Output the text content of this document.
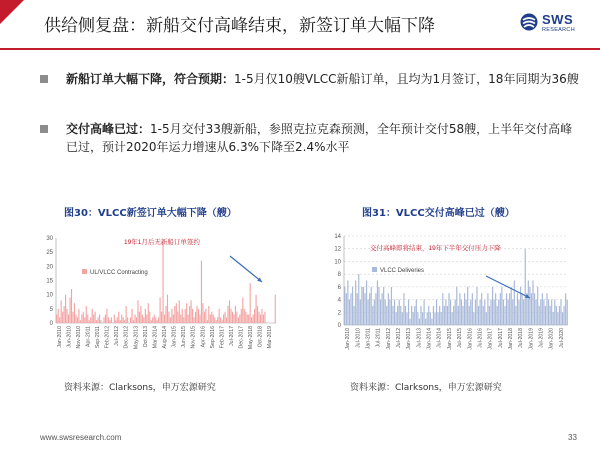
供给侧复盘：新船交付高峰结束，新签订单大幅下降	SWS
RESEARCH
新船订单大幅下降，符合预期：1-5月仅10艘VLCC新船订单，且均为1月签订，18年同期为36艘
交付高峰已过：1-5月交付33艘新船，参照克拉克森预测，全年预计交付58艘，上半年交付高峰已过，预计2020年运力增速从6.3%下降至2.4%水平
图30：VLCC新签订单大幅下降（艘）	图31：VLCC交付高峰已过（艘）
0
5
10
15
20
25
30
Jan-2010 Jun-2010 Nov-2010 Apr-2011 Sep-2011 Feb-2012 Jul-2012 Dec-2012 May-2013 Oct-2013 Mar-2014 Aug-2014 Jan-2015 Jun-2015 Nov-2015 Apr-2016 Sep-2016 Feb-2017 Jul-2017 Dec-2017 May-2018 Oct-2018 Mar-2019
UL/VLCC Contracting
19年1月后无新船订单签约
0
2
4
6
8
10
12
14
Jan-2010 Jul-2010 Jan-2011 Jul-2011 Jan-2012 Jul-2012 Jan-2013 Jul-2013 Jan-2014 Jul-2014 Jan-2015 Jul-2015 Jan-2016 Jul-2016 Jan-2017 Jul-2017 Jan-2018 Jul-2018 Jan-2019 Jul-2019 Jan-2020 Jul-2020
VLCC Deliveries
交付高峰即将结束，19年下半年交付压力下降
资料来源：Clarksons，申万宏源研究	资料来源：Clarksons，申万宏源研究
www.swsresearch.com	33
